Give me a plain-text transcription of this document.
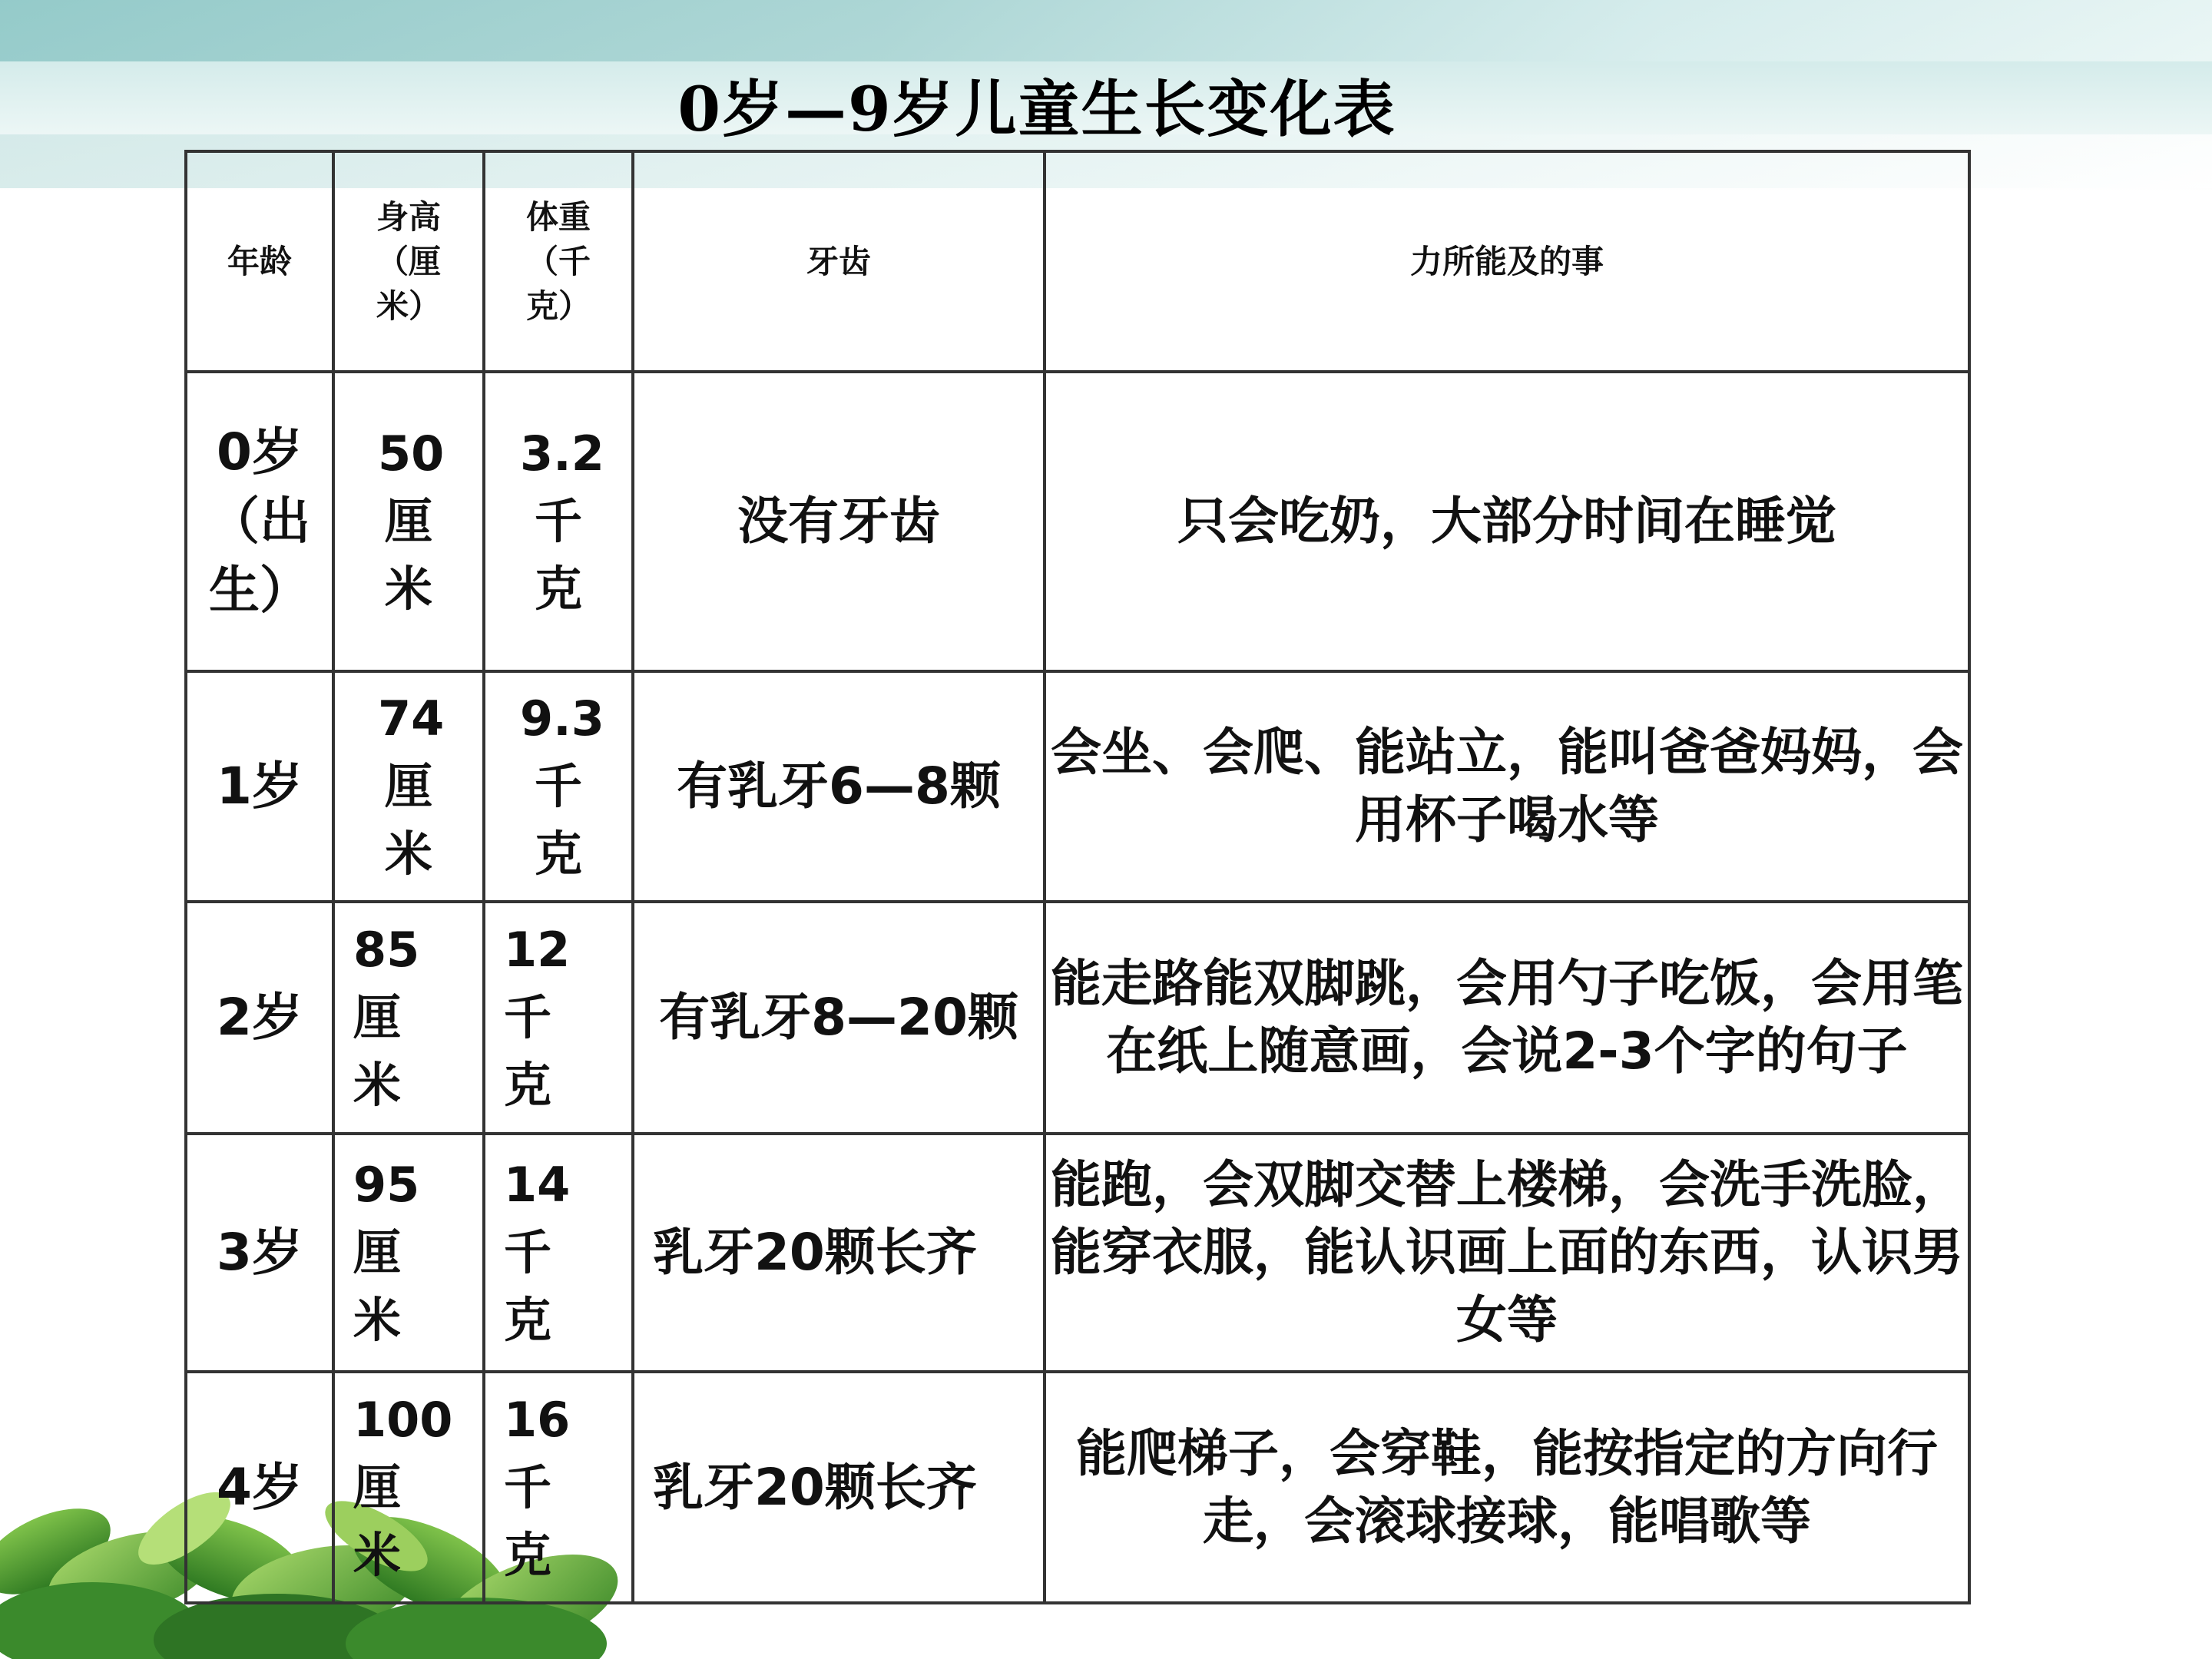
0岁—9岁儿童生长变化表
年龄	身高（厘米）	体重（千克）	牙齿	力所能及的事
0岁（出生）	50厘米	3.2千克	没有牙齿	只会吃奶，大部分时间在睡觉
1岁	74厘米	9.3千克	有乳牙6—8颗	会坐、会爬、能站立，能叫爸爸妈妈，会用杯子喝水等
2岁	85厘米	12千克	有乳牙8—20颗	能走路能双脚跳，会用勺子吃饭，会用笔在纸上随意画，会说2-3个字的句子
3岁	95厘米	14千克	乳牙20颗长齐	能跑，会双脚交替上楼梯，会洗手洗脸，能穿衣服，能认识画上面的东西，认识男女等
4岁	100厘米	16千克	乳牙20颗长齐	能爬梯子，会穿鞋，能按指定的方向行走，会滚球接球，能唱歌等
